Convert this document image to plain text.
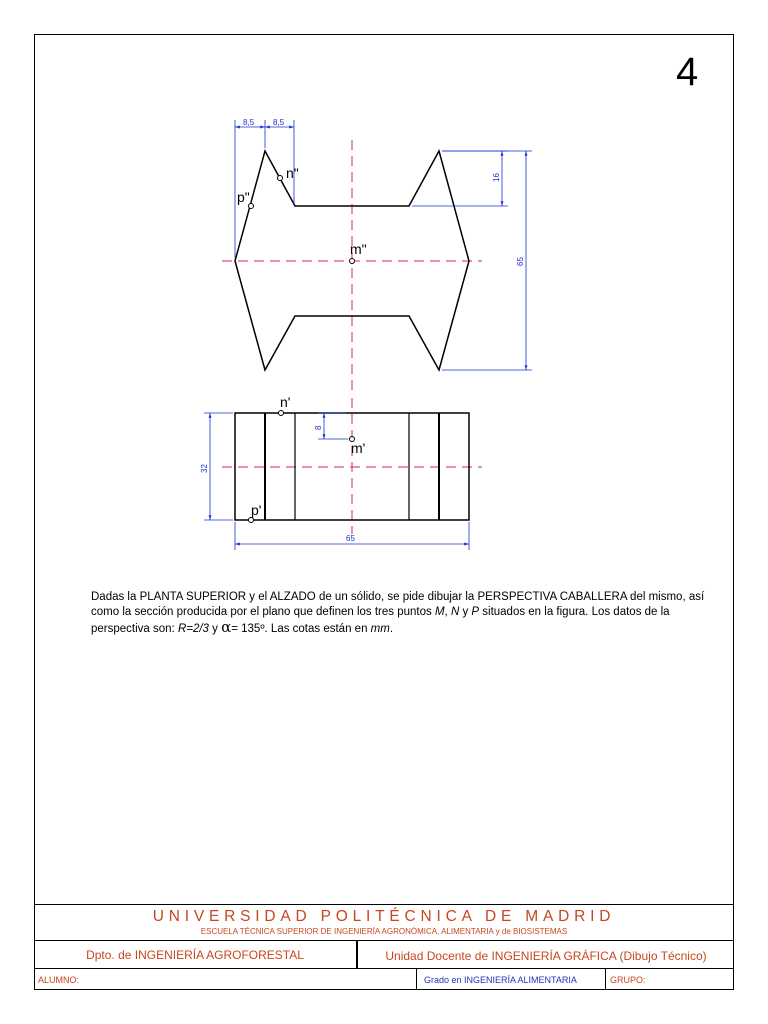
4
p"
n"
m"
8,5 8,5
16
65
n'
m'
p'
32
8
65
Dadas la PLANTA SUPERIOR y el ALZADO de un sólido, se pide dibujar la PERSPECTIVA CABALLERA del mismo, así como la sección producida por el plano que definen los tres puntos M, N y P situados en la figura. Los datos de la perspectiva son: R=2/3 y α= 135º. Las cotas están en mm.
UNIVERSIDAD POLITÉCNICA DE MADRID
ESCUELA TÉCNICA SUPERIOR DE INGENIERÍA AGRONÓMICA, ALIMENTARIA y de BIOSISTEMAS
Dpto. de INGENIERÍA AGROFORESTAL	Unidad Docente de INGENIERÍA GRÁFICA (Dibujo Técnico)
ALUMNO:	Grado en INGENIERÍA ALIMENTARIA	GRUPO:
